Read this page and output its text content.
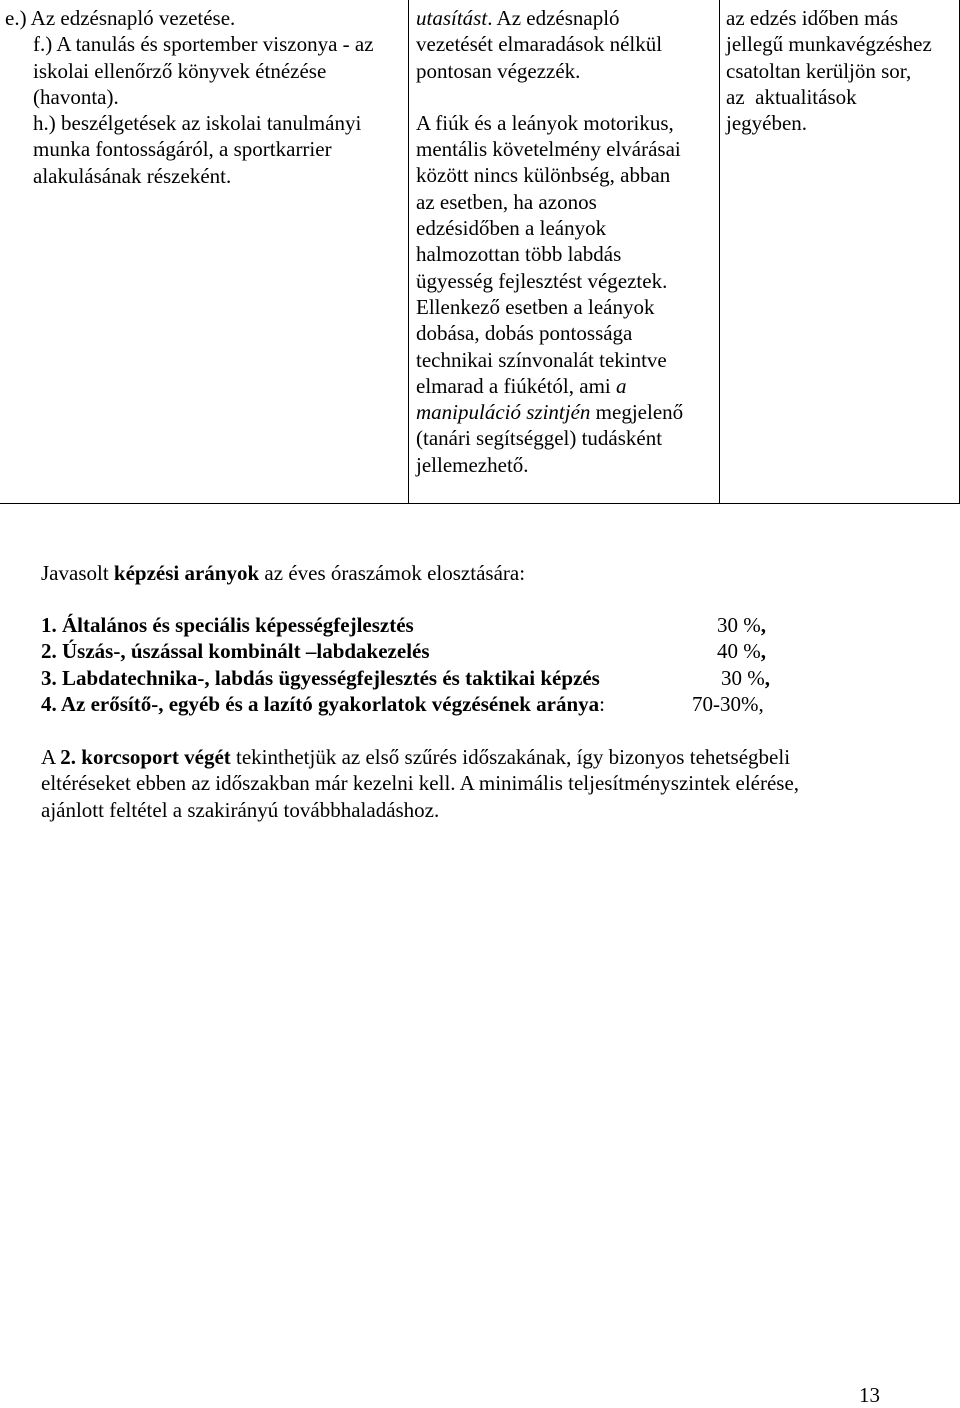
e.) Az edzésnapló vezetése.
f.) A tanulás és sportember viszonya - az
iskolai ellenőrző könyvek étnézése
(havonta).
h.) beszélgetések az iskolai tanulmányi
munka fontosságáról, a sportkarrier
alakulásának részeként.

utasítást. Az edzésnapló
vezetését elmaradások nélkül
pontosan végezzék.
A fiúk és a leányok motorikus,
mentális követelmény elvárásai
között nincs különbség, abban
az esetben, ha azonos
edzésidőben a leányok
halmozottan több labdás
ügyesség fejlesztést végeztek.
Ellenkező esetben a leányok
dobása, dobás pontossága
technikai színvonalát tekintve
elmarad a fiúkétól, ami a
manipuláció szintjén megjelenő
(tanári segítséggel) tudásként
jellemezhető.

az edzés időben más
jellegű munkavégzéshez
csatoltan kerüljön sor,
az  aktualitások
jegyében.
Javasolt képzési arányok az éves óraszámok elosztására:
1. Általános és speciális képességfejlesztés	30 %,
2. Úszás-, úszással kombinált –labdakezelés	40 %,
3. Labdatechnika-, labdás ügyességfejlesztés és taktikai képzés	30 %,
4. Az erősítő-, egyéb és a lazító gyakorlatok végzésének aránya:	70-30%,
A 2. korcsoport végét tekinthetjük az első szűrés időszakának, így bizonyos tehetségbeli
eltéréseket ebben az időszakban már kezelni kell. A minimális teljesítményszintek elérése,
ajánlott feltétel a szakirányú továbbhaladáshoz.
13
